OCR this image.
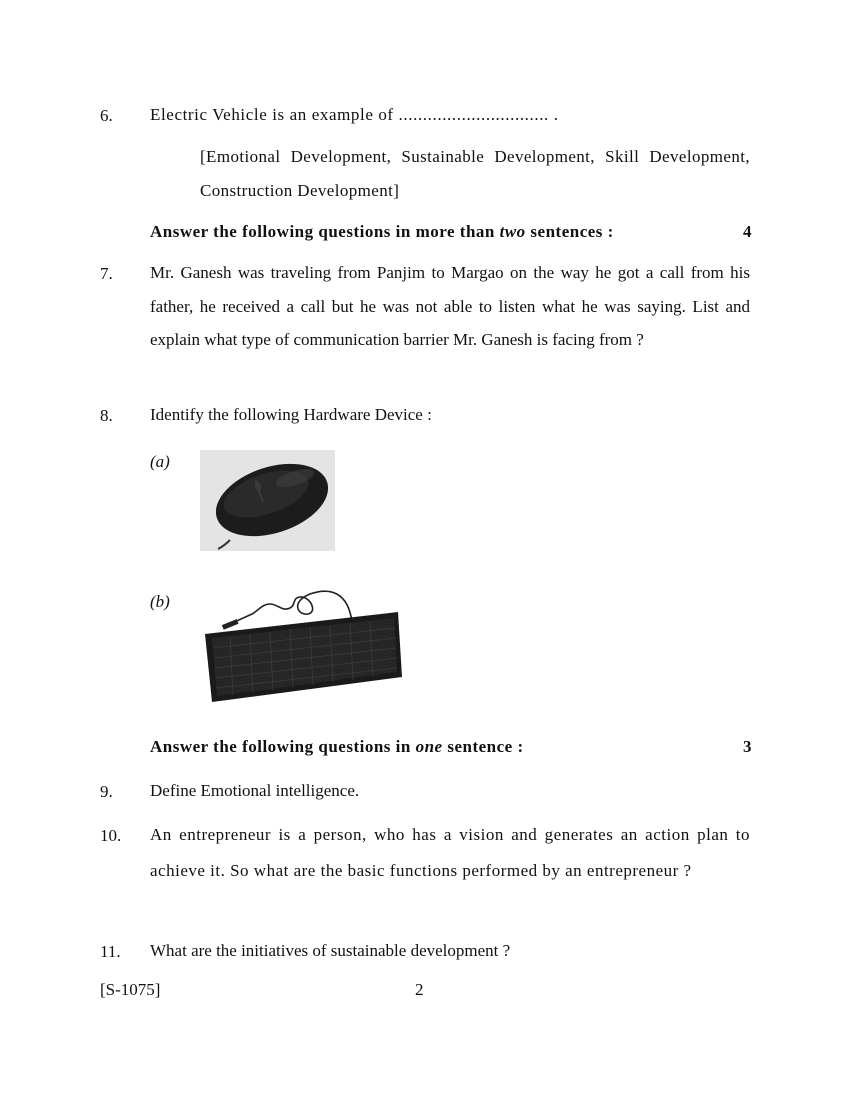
6. Electric Vehicle is an example of ............................... .
[Emotional Development, Sustainable Development, Skill Development, Construction Development]
Answer the following questions in more than two sentences :	4
7. Mr. Ganesh was traveling from Panjim to Margao on the way he got a call from his father, he received a call but he was not able to listen what he was saying. List and explain what type of communication barrier Mr. Ganesh is facing from ?
8. Identify the following Hardware Device :
(a)
(b)
Answer the following questions in one sentence :	3
9. Define Emotional intelligence.
10. An entrepreneur is a person, who has a vision and generates an action plan to achieve it. So what are the basic functions performed by an entrepreneur ?
11. What are the initiatives of sustainable development ?
[S-1075]	2
